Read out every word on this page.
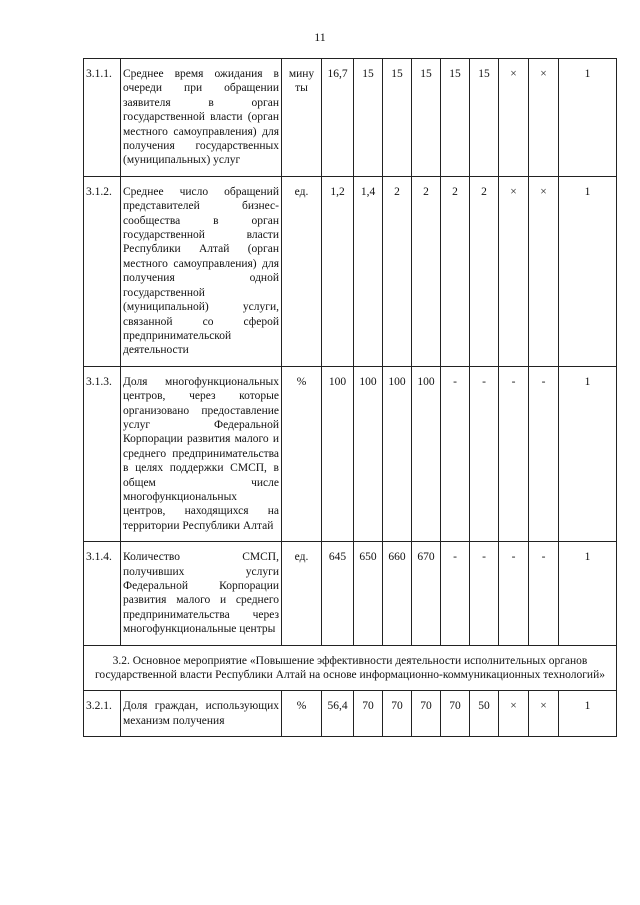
11
3.1.1.	Среднее время ожидания в очереди при обращении заявителя в орган государственной власти (орган местного самоуправления) для получения государственных (муниципальных) услуг	мину ты	16,7	15	15	15	15	15	×	×	1
3.1.2.	Среднее число обращений представителей бизнес-сообщества в орган государственной власти Республики Алтай (орган местного самоуправления) для получения одной государственной (муниципальной) услуги, связанной со сферой предпринимательской деятельности	ед.	1,2	1,4	2	2	2	2	×	×	1
3.1.3.	Доля многофункциональных центров, через которые организовано предоставление услуг Федеральной Корпорации развития малого и среднего предпринимательства в целях поддержки СМСП, в общем числе многофункциональных центров, находящихся на территории Республики Алтай	%	100	100	100	100	-	-	-	-	1
3.1.4.	Количество СМСП, получивших услуги Федеральной Корпорации развития малого и среднего предпринимательства через многофункциональные центры	ед.	645	650	660	670	-	-	-	-	1
3.2. Основное мероприятие «Повышение эффективности деятельности исполнительных органов государственной власти Республики Алтай на основе информационно-коммуникационных технологий»											
3.2.1.	Доля граждан, использующих механизм получения	%	56,4	70	70	70	70	50	×	×	1
